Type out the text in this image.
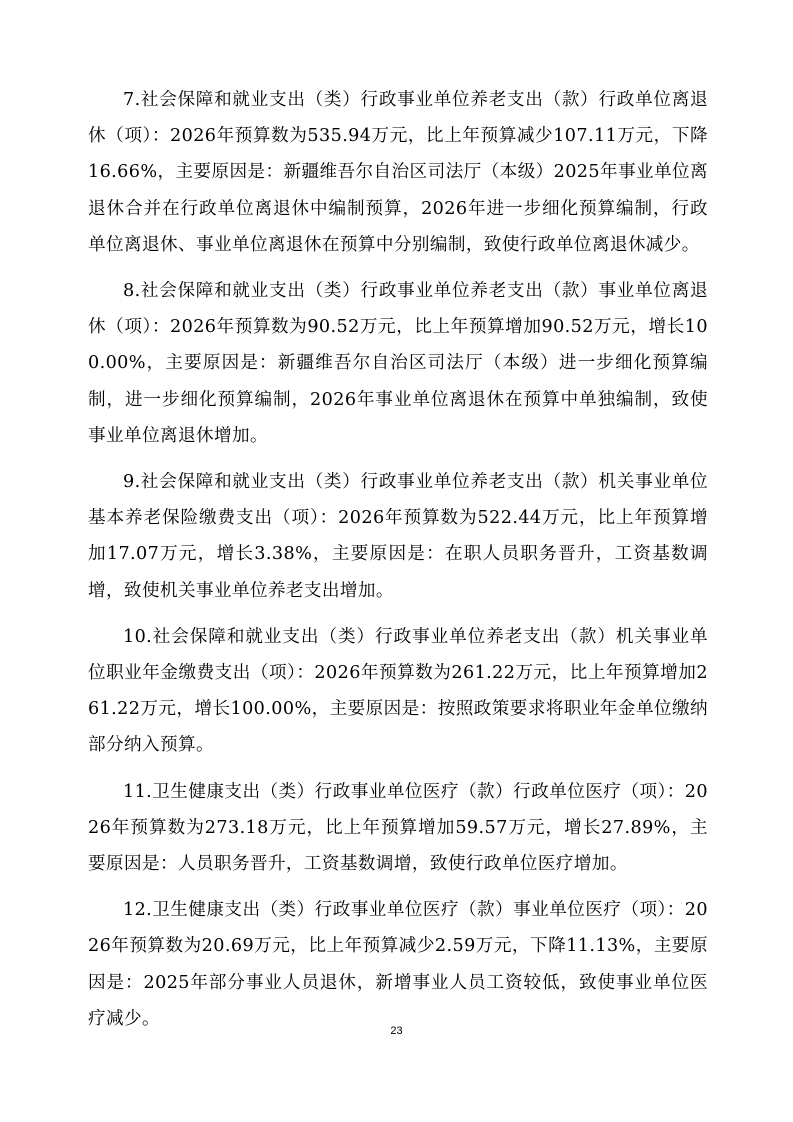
7.社会保障和就业支出（类）行政事业单位养老支出（款）行政单位离退休（项）：2026年预算数为535.94万元，比上年预算减少107.11万元，下降16.66%，主要原因是：新疆维吾尔自治区司法厅（本级）2025年事业单位离退休合并在行政单位离退休中编制预算，2026年进一步细化预算编制，行政单位离退休、事业单位离退休在预算中分别编制，致使行政单位离退休减少。

8.社会保障和就业支出（类）行政事业单位养老支出（款）事业单位离退休（项）：2026年预算数为90.52万元，比上年预算增加90.52万元，增长100.00%，主要原因是：新疆维吾尔自治区司法厅（本级）进一步细化预算编制，进一步细化预算编制，2026年事业单位离退休在预算中单独编制，致使事业单位离退休增加。

9.社会保障和就业支出（类）行政事业单位养老支出（款）机关事业单位基本养老保险缴费支出（项）：2026年预算数为522.44万元，比上年预算增加17.07万元，增长3.38%，主要原因是：在职人员职务晋升，工资基数调增，致使机关事业单位养老支出增加。

10.社会保障和就业支出（类）行政事业单位养老支出（款）机关事业单位职业年金缴费支出（项）：2026年预算数为261.22万元，比上年预算增加261.22万元，增长100.00%，主要原因是：按照政策要求将职业年金单位缴纳部分纳入预算。

11.卫生健康支出（类）行政事业单位医疗（款）行政单位医疗（项）：2026年预算数为273.18万元，比上年预算增加59.57万元，增长27.89%，主要原因是：人员职务晋升，工资基数调增，致使行政单位医疗增加。

12.卫生健康支出（类）行政事业单位医疗（款）事业单位医疗（项）：2026年预算数为20.69万元，比上年预算减少2.59万元，下降11.13%，主要原因是：2025年部分事业人员退休，新增事业人员工资较低，致使事业单位医疗减少。

23
